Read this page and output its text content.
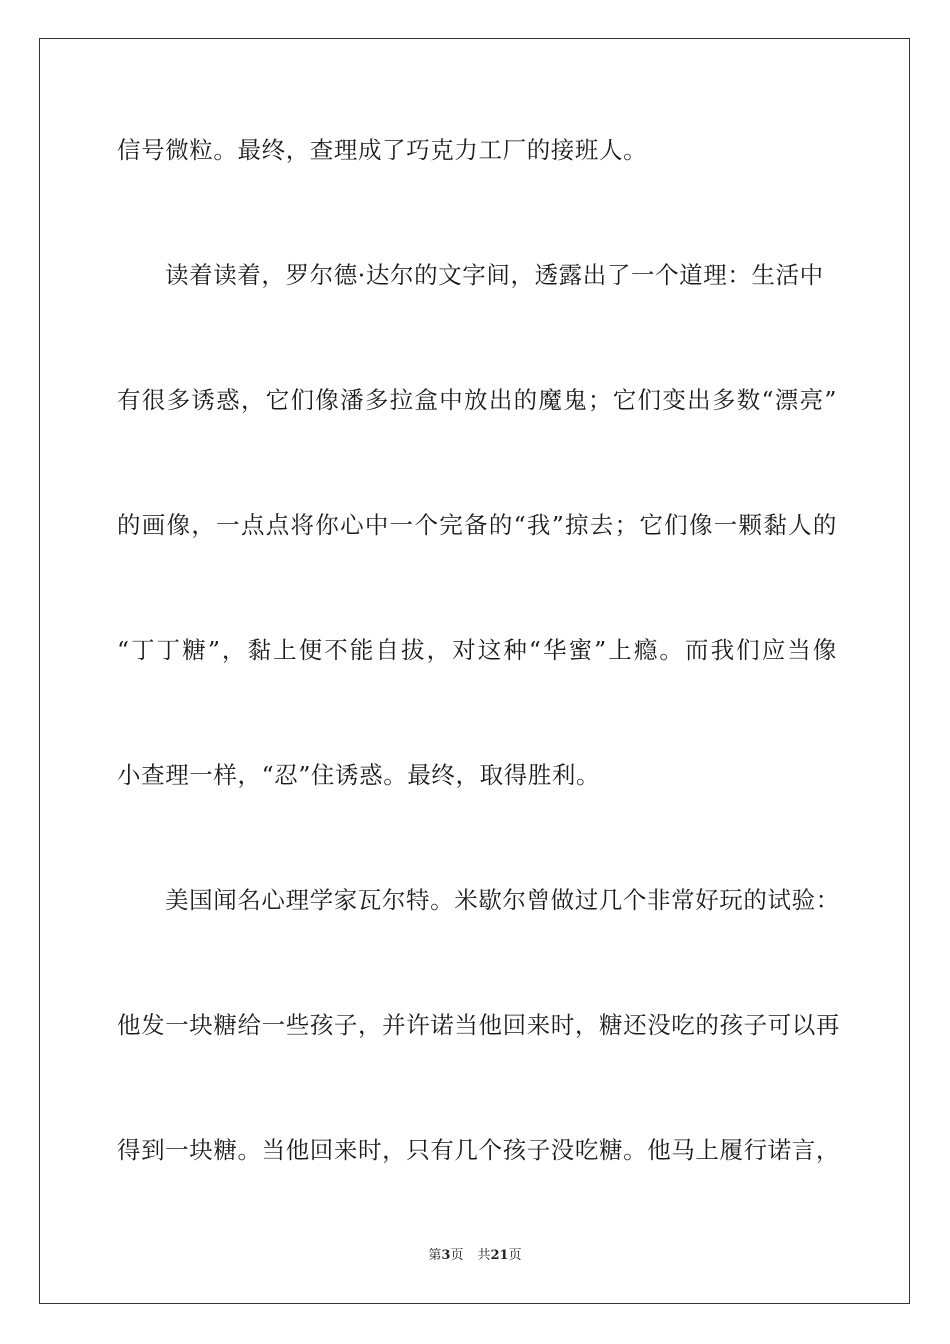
信号微粒。最终，查理成了巧克力工厂的接班人。
读着读着，罗尔德·达尔的文字间，透露出了一个道理：生活中
有很多诱惑，它们像潘多拉盒中放出的魔鬼；它们变出多数“漂亮”
的画像，一点点将你心中一个完备的“我”掠去；它们像一颗黏人的
“丁丁糖”，黏上便不能自拔，对这种“华蜜”上瘾。而我们应当像
小查理一样，“忍”住诱惑。最终，取得胜利。
美国闻名心理学家瓦尔特。米歇尔曾做过几个非常好玩的试验：
他发一块糖给一些孩子，并许诺当他回来时，糖还没吃的孩子可以再
得到一块糖。当他回来时，只有几个孩子没吃糖。他马上履行诺言，
第3页 共21页
